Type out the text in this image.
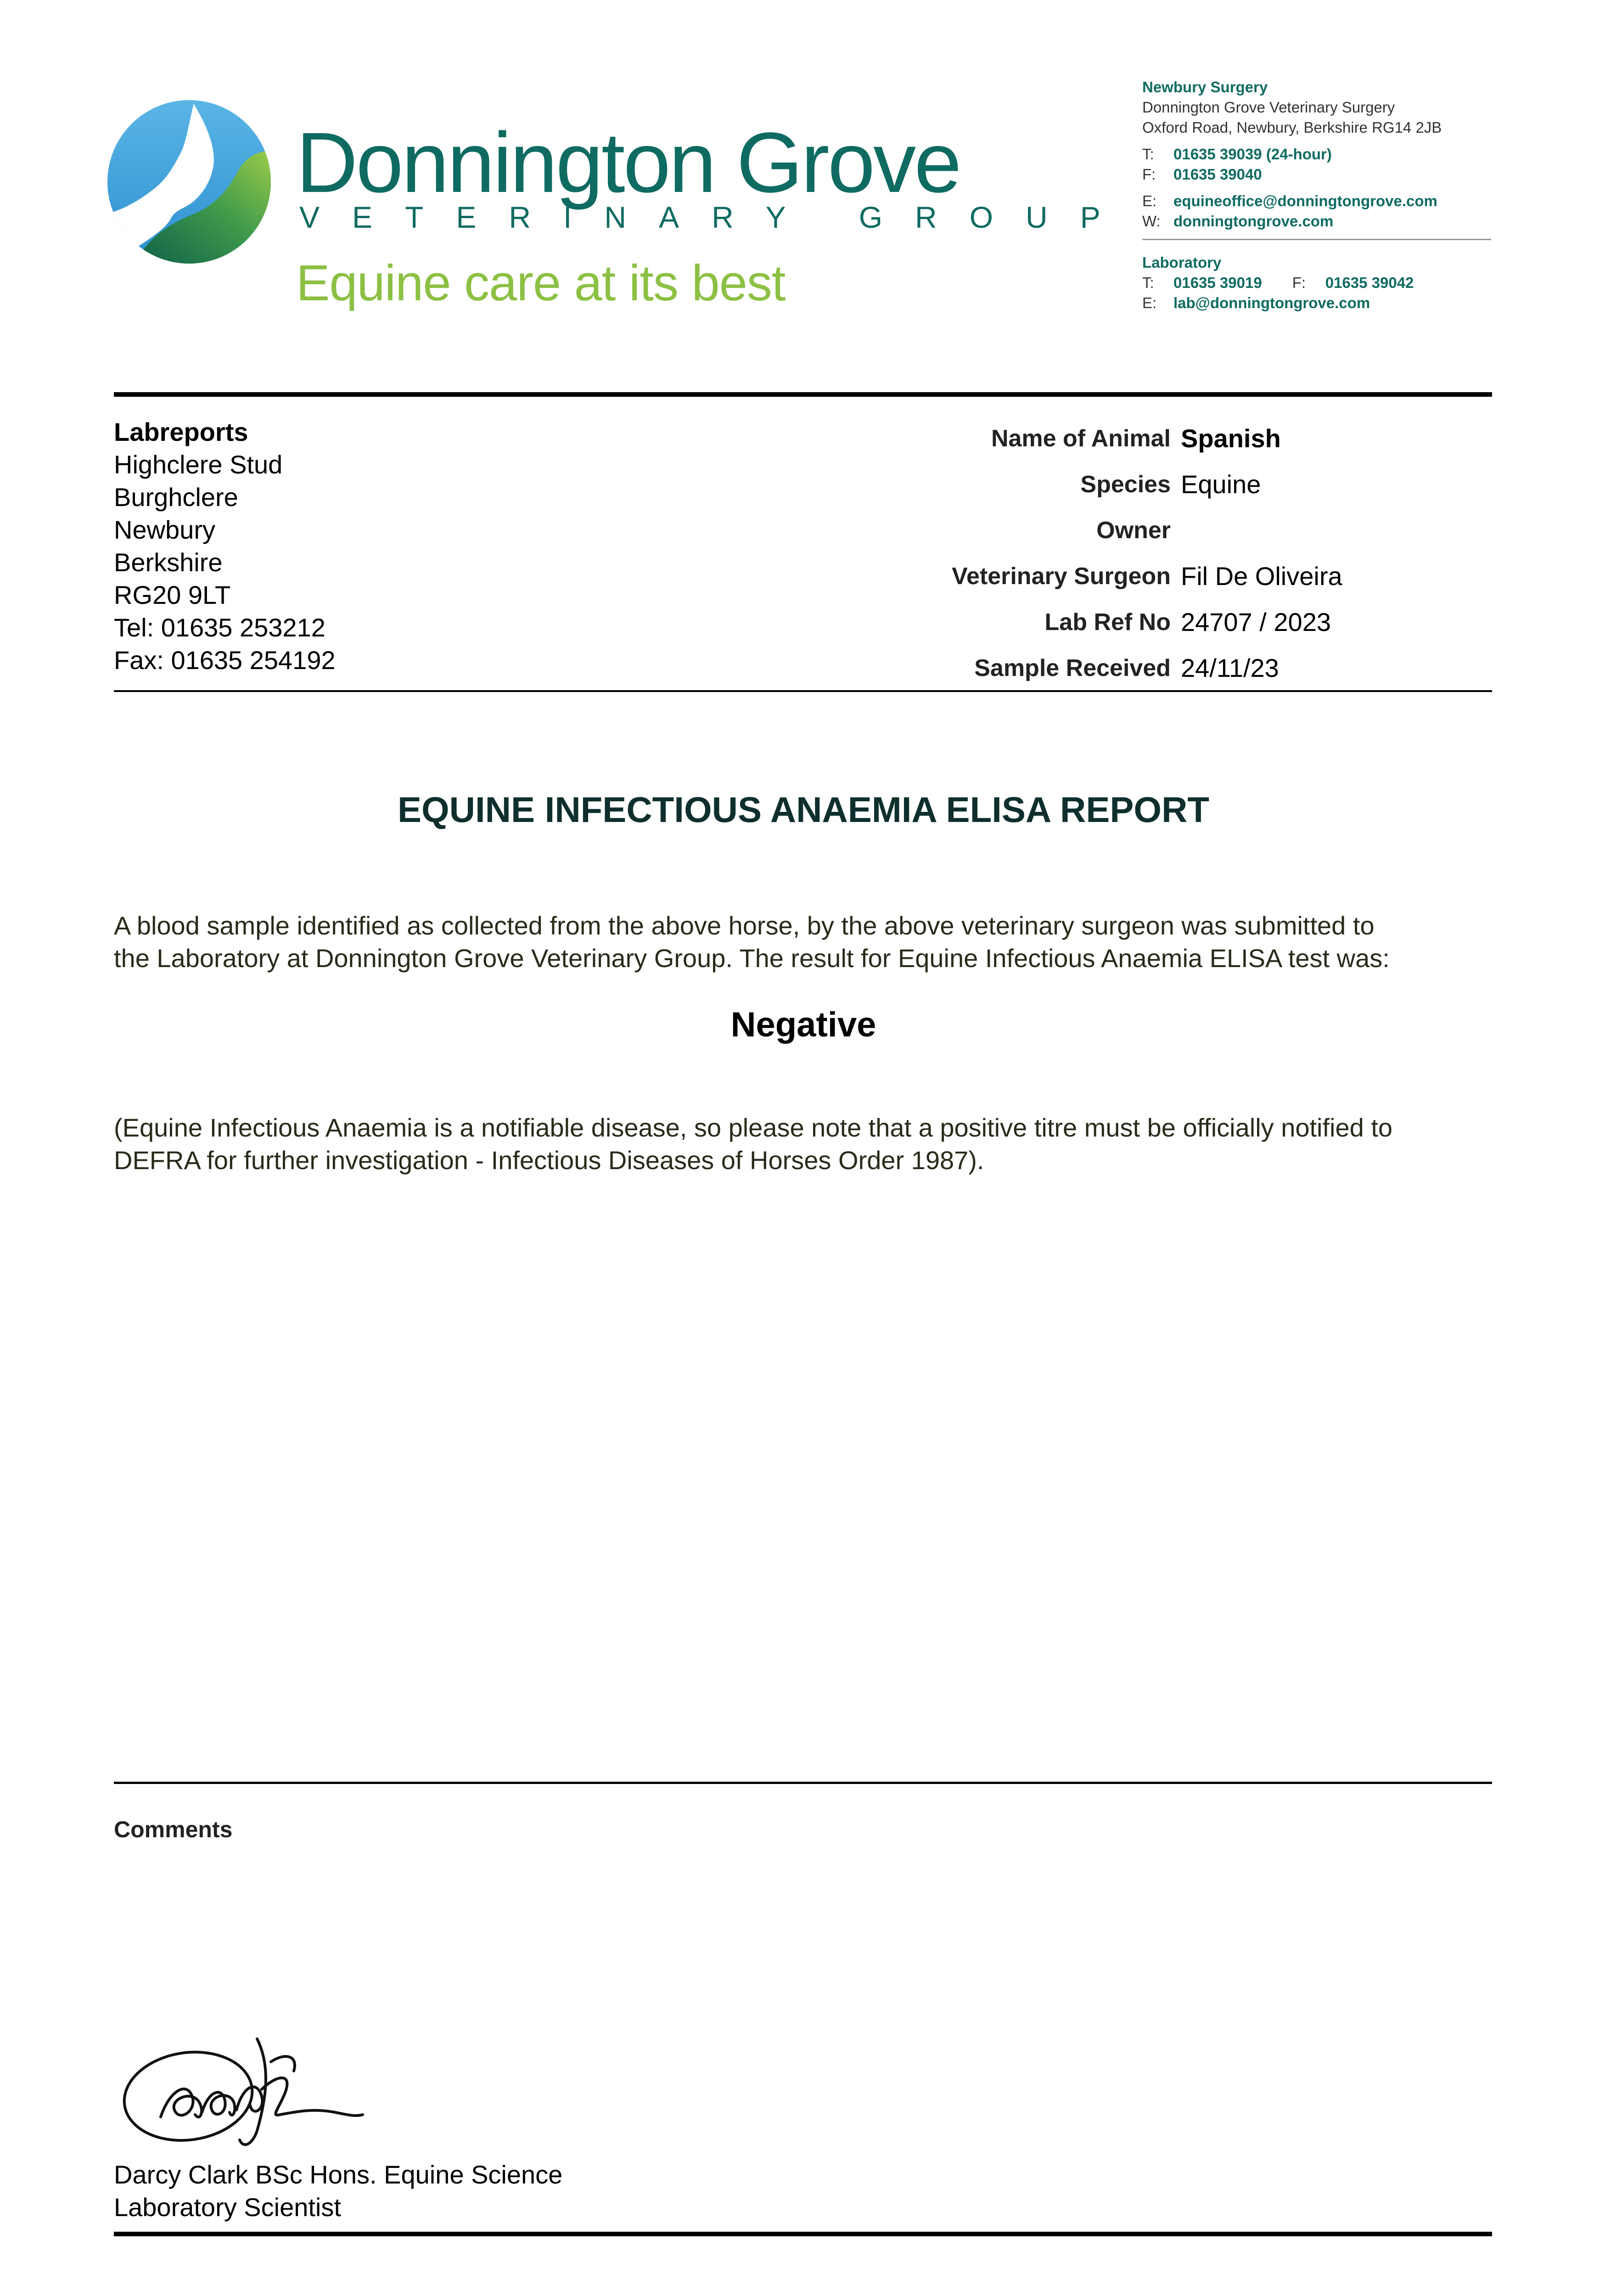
Donnington Grove
VETERINARY GROUP
Equine care at its best
Newbury Surgery
Donnington Grove Veterinary Surgery
Oxford Road, Newbury, Berkshire RG14 2JB
T: 01635 39039 (24-hour)
F: 01635 39040
E: equineoffice@donningtongrove.com
W: donningtongrove.com
Laboratory
T: 01635 39019 F: 01635 39042
E: lab@donningtongrove.com
Labreports
Highclere Stud
Burghclere
Newbury
Berkshire
RG20 9LT
Tel: 01635 253212
Fax: 01635 254192
Name of Animal
Species
Owner
Veterinary Surgeon
Lab Ref No
Sample Received
Spanish
Equine
Fil De Oliveira
24707 / 2023
24/11/23
EQUINE INFECTIOUS ANAEMIA ELISA REPORT
A blood sample identified as collected from the above horse, by the above veterinary surgeon was submitted to
the Laboratory at Donnington Grove Veterinary Group. The result for Equine Infectious Anaemia ELISA test was:
Negative
(Equine Infectious Anaemia is a notifiable disease, so please note that a positive titre must be officially notified to
DEFRA for further investigation - Infectious Diseases of Horses Order 1987).
Comments
Darcy Clark BSc Hons. Equine Science
Laboratory Scientist
